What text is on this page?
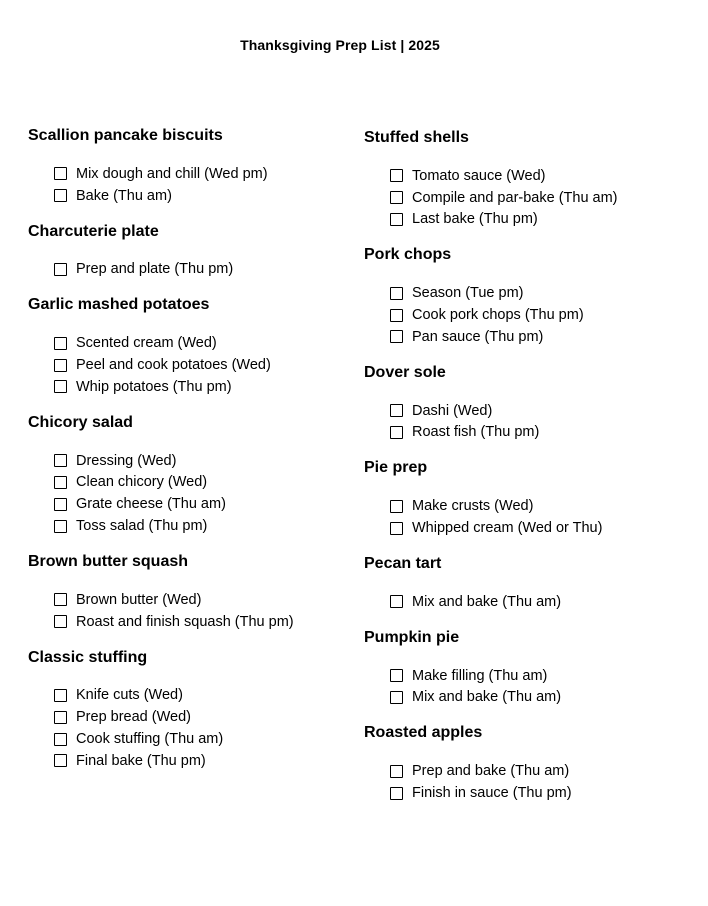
Thanksgiving Prep List | 2025
Scallion pancake biscuits
Mix dough and chill (Wed pm)
Bake (Thu am)
Charcuterie plate
Prep and plate (Thu pm)
Garlic mashed potatoes
Scented cream (Wed)
Peel and cook potatoes (Wed)
Whip potatoes (Thu pm)
Chicory salad
Dressing (Wed)
Clean chicory (Wed)
Grate cheese (Thu am)
Toss salad (Thu pm)
Brown butter squash
Brown butter (Wed)
Roast and finish squash (Thu pm)
Classic stuffing
Knife cuts (Wed)
Prep bread (Wed)
Cook stuffing (Thu am)
Final bake (Thu pm)
Stuffed shells
Tomato sauce (Wed)
Compile and par-bake (Thu am)
Last bake (Thu pm)
Pork chops
Season (Tue pm)
Cook pork chops (Thu pm)
Pan sauce (Thu pm)
Dover sole
Dashi (Wed)
Roast fish (Thu pm)
Pie prep
Make crusts (Wed)
Whipped cream (Wed or Thu)
Pecan tart
Mix and bake (Thu am)
Pumpkin pie
Make filling (Thu am)
Mix and bake (Thu am)
Roasted apples
Prep and bake (Thu am)
Finish in sauce (Thu pm)
